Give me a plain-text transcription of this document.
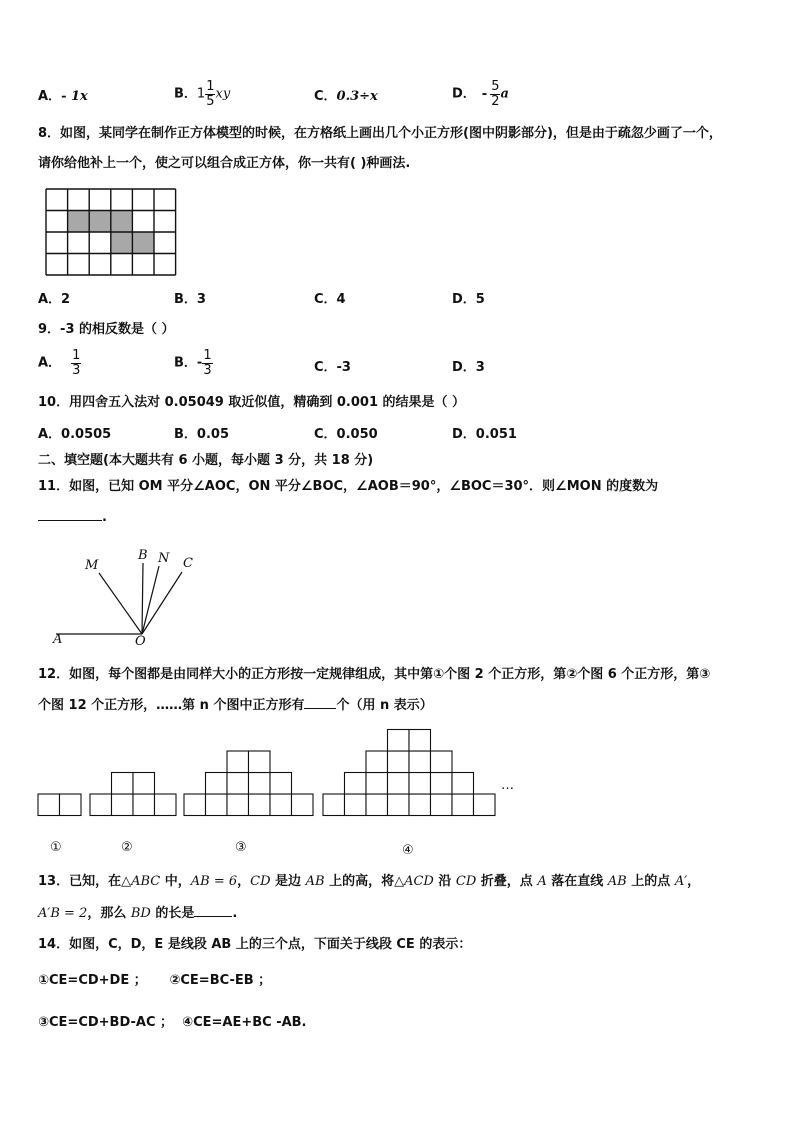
A．- 1x	B．$1 \frac{1}{5}$ xy	C．0.3÷x	D． - $\frac{5}{2}$ a
8．如图，某同学在制作正方体模型的时候，在方格纸上画出几个小正方形(图中阴影部分)，但是由于疏忽少画了一个，
请你给他补上一个，使之可以组合成正方体，你一共有( )种画法.
A．2	B．3	C．4	D．5
9．-3 的相反数是（ ）
A． $\frac{1}{3}$	B．- $\frac{1}{3}$	C．-3	D．3
10．用四舍五入法对 0.05049 取近似值，精确到 0.001 的结果是（ ）
A．0.0505	B．0.05	C．0.050	D．0.051
二、填空题(本大题共有 6 小题，每小题 3 分，共 18 分)
11．如图，已知 OM 平分∠AOC，ON 平分∠BOC，∠AOB＝90°，∠BOC＝30°．则∠MON 的度数为
.
M
B N C
A	O
12．如图，每个图都是由同样大小的正方形按一定规律组成，其中第①个图 2 个正方形，第②个图 6 个正方形，第③
个图 12 个正方形，……第 n 个图中正方形有 个（用 n 表示）
①	②	③	④
…
13．已知，在△ABC 中，AB = 6，CD 是边 AB 上的高，将△ACD 沿 CD 折叠，点 A 落在直线 AB 上的点 A′，
A′B = 2，那么 BD 的长是	.
14．如图，C，D，E 是线段 AB 上的三个点，下面关于线段 CE 的表示：
①CE=CD+DE ；     ②CE=BC-EB ；
③CE=CD+BD-AC ；  ④CE=AE+BC -AB.
